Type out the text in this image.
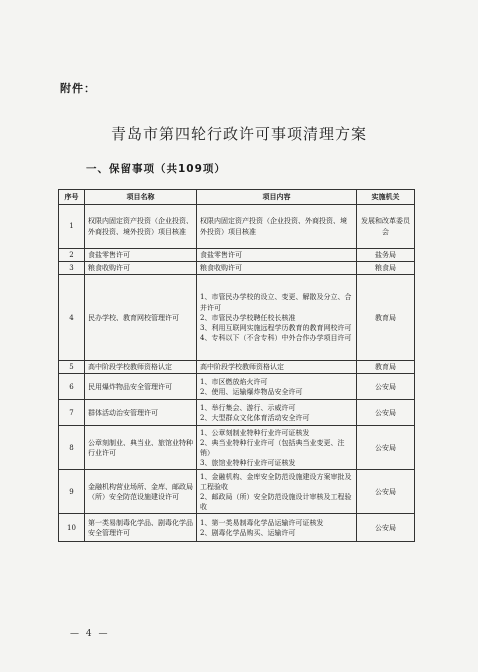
附件：
青岛市第四轮行政许可事项清理方案
一、保留事项（共109项）
序号	项目名称	项目内容	实施机关
1	权限内固定资产投资（企业投资、外商投资、境外投资）项目核准	权限内固定资产投资（企业投资、外商投资、境外投资）项目核准	发展和改革委员会
2	食盐零售许可	食盐零售许可	盐务局
3	粮食收购许可	粮食收购许可	粮食局
4	民办学校、教育网校管理许可	1、市管民办学校的设立、变更、解散及分立、合并许可
2、市管民办学校聘任校长核准
3、利用互联网实施远程学历教育的教育网校许可
4、专科以下（不含专科）中外合作办学项目许可	教育局
5	高中阶段学校教师资格认定	高中阶段学校教师资格认定	教育局
6	民用爆炸物品安全管理许可	1、市区燃放焰火许可
2、使用、运输爆炸物品安全许可	公安局
7	群体活动治安管理许可	1、举行集会、游行、示威许可
2、大型群众文化体育活动安全许可	公安局
8	公章刻制业、典当业、旅馆业特种行业许可	1、公章刻制业特种行业许可证核发
2、典当业特种行业许可（包括典当业变更、注销）
3、旅馆业特种行业许可证核发	公安局
9	金融机构营业场所、金库、邮政局（所）安全防范设施建设许可	1、金融机构、金库安全防范设施建设方案审批及工程验收
2、邮政局（所）安全防范设施设计审核及工程验收	公安局
10	第一类易制毒化学品、剧毒化学品安全管理许可	1、第一类易制毒化学品运输许可证核发
2、剧毒化学品购买、运输许可	公安局
— 4 —
